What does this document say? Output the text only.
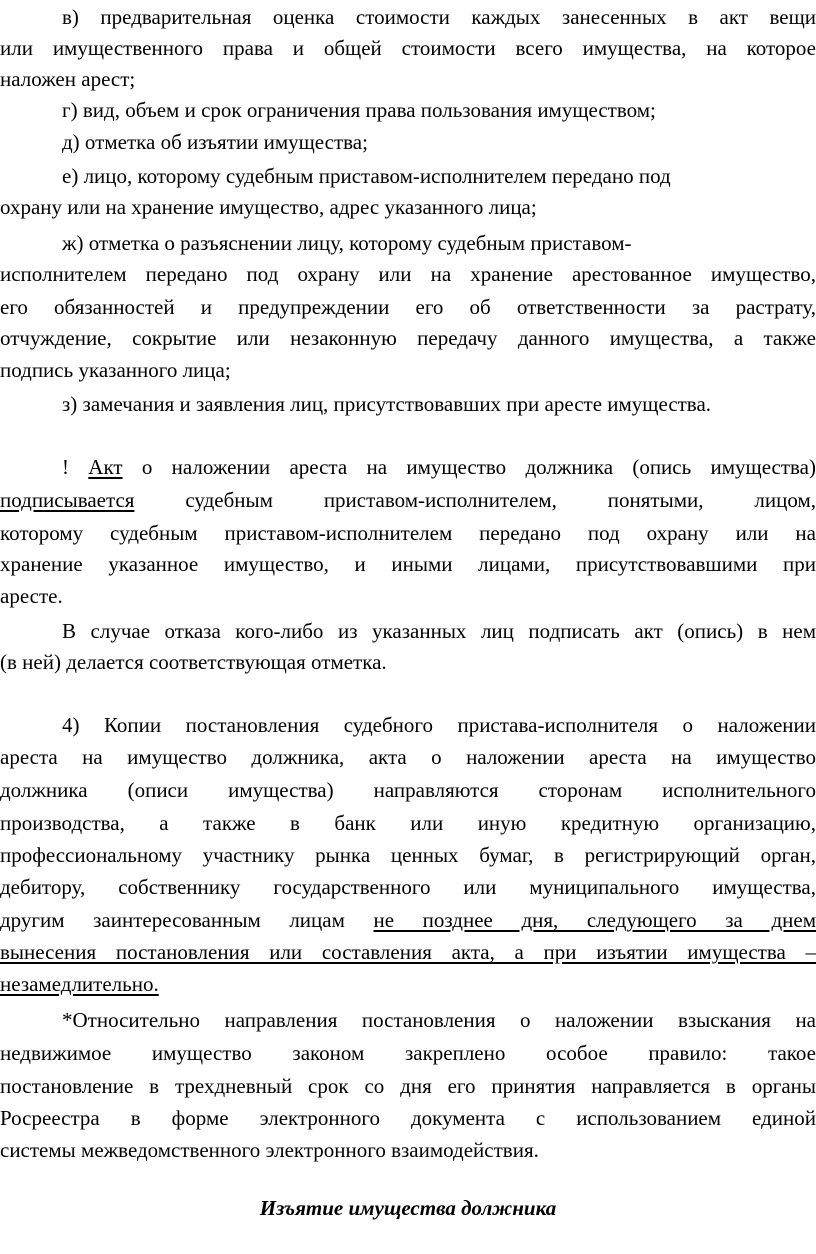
в) предварительная оценка стоимости каждых занесенных в акт вещи
или имущественного права и общей стоимости всего имущества, на которое
наложен арест;
г) вид, объем и срок ограничения права пользования имуществом;
д) отметка об изъятии имущества;
е) лицо, которому судебным приставом-исполнителем передано под
охрану или на хранение имущество, адрес указанного лица;
ж) отметка о разъяснении лицу, которому судебным приставом-
исполнителем передано под охрану или на хранение арестованное имущество,
его обязанностей и предупреждении его об ответственности за растрату,
отчуждение, сокрытие или незаконную передачу данного имущества, а также
подпись указанного лица;
з) замечания и заявления лиц, присутствовавших при аресте имущества.
! Акт о наложении ареста на имущество должника (опись имущества)
подписывается судебным приставом-исполнителем, понятыми, лицом,
которому судебным приставом-исполнителем передано под охрану или на
хранение указанное имущество, и иными лицами, присутствовавшими при
аресте.
В случае отказа кого-либо из указанных лиц подписать акт (опись) в нем
(в ней) делается соответствующая отметка.
4) Копии постановления судебного пристава-исполнителя о наложении
ареста на имущество должника, акта о наложении ареста на имущество
должника (описи имущества) направляются сторонам исполнительного
производства, а также в банк или иную кредитную организацию,
профессиональному участнику рынка ценных бумаг, в регистрирующий орган,
дебитору, собственнику государственного или муниципального имущества,
другим заинтересованным лицам не позднее дня, следующего за днем
вынесения постановления или составления акта, а при изъятии имущества –
незамедлительно.
*Относительно направления постановления о наложении взыскания на
недвижимое имущество законом закреплено особое правило: такое
постановление в трехдневный срок со дня его принятия направляется в органы
Росреестра в форме электронного документа с использованием единой
системы межведомственного электронного взаимодействия.
Изъятие имущества должника
